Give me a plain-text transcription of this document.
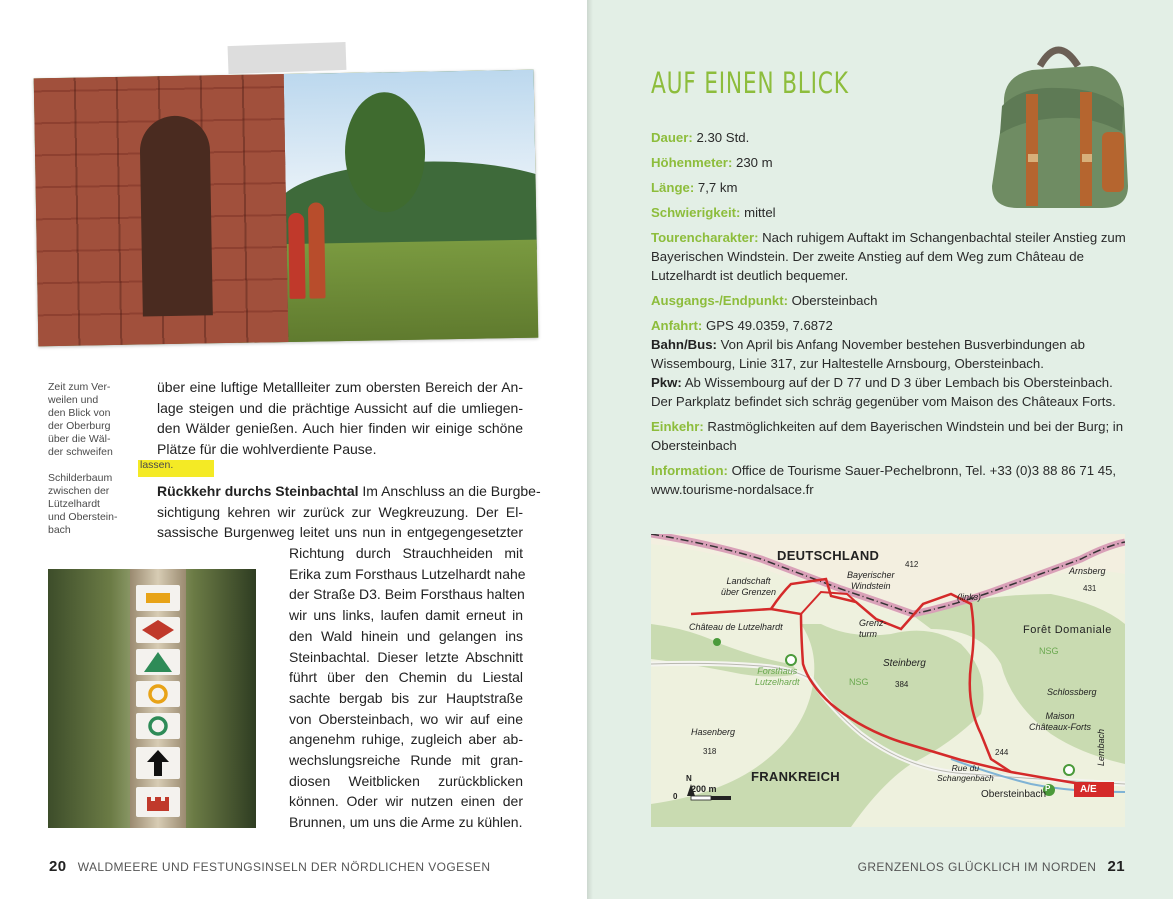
Zeit zum Ver-
weilen und
den Blick von
der Oberburg
über die Wäl-
der schweifen
lassen.
Schilderbaum
zwischen der
Lützelhardt
und Oberstein-
bach
über eine luftige Metallleiter zum obersten Bereich der An-
lage steigen und die prächtige Aussicht auf die umliegen-
den Wälder genießen. Auch hier finden wir einige schöne
Plätze für die wohlverdiente Pause.
Rückkehr durchs Steinbachtal Im Anschluss an die Burgbe-
sichtigung kehren wir zurück zur Wegkreuzung. Der El-
sassische Burgenweg leitet uns nun in entgegengesetzter
Richtung durch Strauchheiden mit
Erika zum Forsthaus Lutzelhardt nahe
der Straße D3. Beim Forsthaus halten
wir uns links, laufen damit erneut in
den Wald hinein und gelangen ins
Steinbachtal. Dieser letzte Abschnitt
führt über den Chemin du Liestal
sachte bergab bis zur Hauptstraße
von Obersteinbach, wo wir auf eine
angenehm ruhige, zugleich aber ab-
wechslungsreiche Runde mit gran-
diosen Weitblicken zurückblicken
können. Oder wir nutzen einen der
Brunnen, um uns die Arme zu kühlen.
20 WALDMEERE UND FESTUNGSINSELN DER NÖRDLICHEN VOGESEN
AUF EINEN BLICK
Dauer: 2.30 Std.
Höhenmeter: 230 m
Länge: 7,7 km
Schwierigkeit: mittel
Tourencharakter: Nach ruhigem Auftakt im Schangenbachtal steiler Anstieg zum Bayerischen Windstein. Der zweite Anstieg auf dem Weg zum Château de Lutzelhardt ist deutlich bequemer.
Ausgangs-/Endpunkt: Obersteinbach
Anfahrt: GPS 49.0359, 7.6872
Bahn/Bus: Von April bis Anfang November bestehen Busverbindungen ab Wissembourg, Linie 317, zur Haltestelle Arnsbourg, Obersteinbach.
Pkw: Ab Wissembourg auf der D 77 und D 3 über Lembach bis Obersteinbach. Der Parkplatz befindet sich schräg gegenüber vom Maison des Châteaux Forts.
Einkehr: Rastmöglichkeiten auf dem Bayerischen Windstein und bei der Burg; in Obersteinbach
Information: Office de Tourisme Sauer-Pechelbronn, Tel. +33 (0)3 88 86 71 45, www.tourisme-nordalsace.fr
DEUTSCHLAND
FRANKREICH
Landschaft
über Grenzen
Bayerischer
Windstein
412
(links)
Arnsberg
431
Château de Lutzelhardt	Grenz-
turm	Forêt Domaniale
NSG
NSG
Forsthaus
Lutzelhardt
Steinberg
384
Schlossberg
Maison
Châteaux-Forts
Hasenberg
318	244	Lembach
Rue du
Schangenbach
Obersteinbach
P	A/E
0
200 m
N
GRENZENLOS GLÜCKLICH IM NORDEN 21
